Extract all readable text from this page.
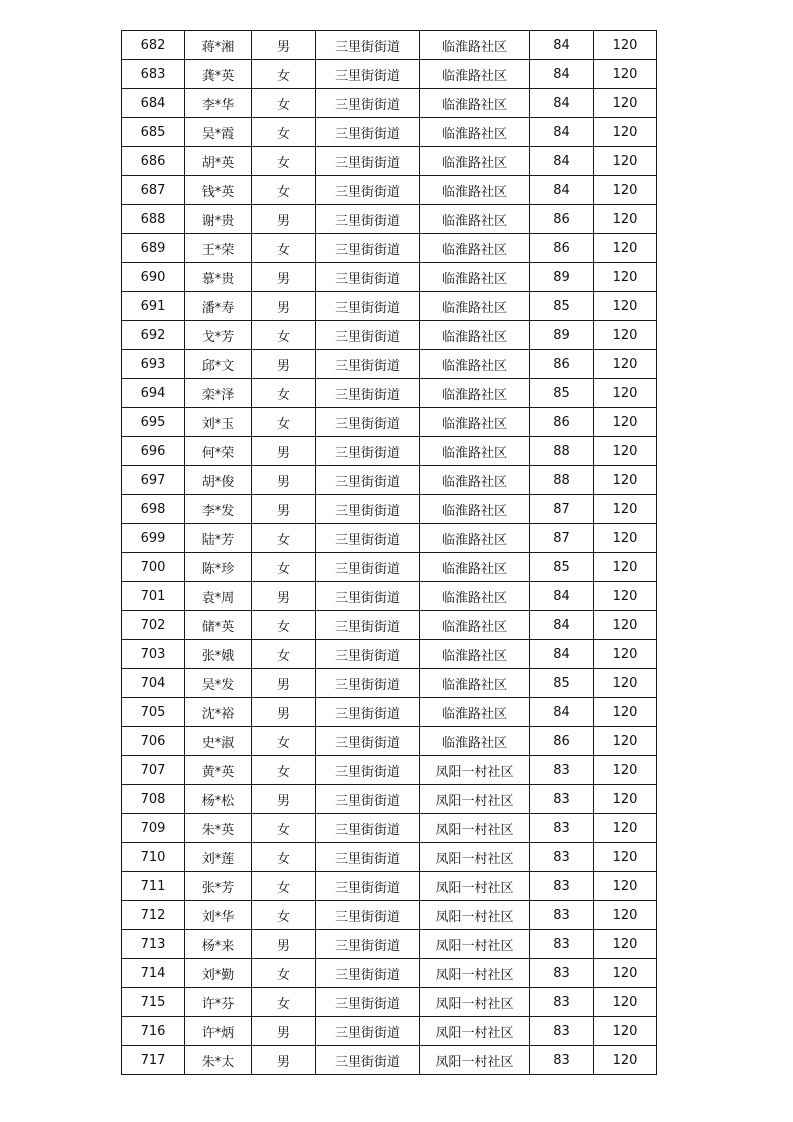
682	蒋*湘	男	三里街街道	临淮路社区	84	120
683	龚*英	女	三里街街道	临淮路社区	84	120
684	李*华	女	三里街街道	临淮路社区	84	120
685	吴*霞	女	三里街街道	临淮路社区	84	120
686	胡*英	女	三里街街道	临淮路社区	84	120
687	钱*英	女	三里街街道	临淮路社区	84	120
688	谢*贵	男	三里街街道	临淮路社区	86	120
689	王*荣	女	三里街街道	临淮路社区	86	120
690	慕*贵	男	三里街街道	临淮路社区	89	120
691	潘*寿	男	三里街街道	临淮路社区	85	120
692	戈*芳	女	三里街街道	临淮路社区	89	120
693	邱*文	男	三里街街道	临淮路社区	86	120
694	栾*泽	女	三里街街道	临淮路社区	85	120
695	刘*玉	女	三里街街道	临淮路社区	86	120
696	何*荣	男	三里街街道	临淮路社区	88	120
697	胡*俊	男	三里街街道	临淮路社区	88	120
698	李*发	男	三里街街道	临淮路社区	87	120
699	陆*芳	女	三里街街道	临淮路社区	87	120
700	陈*珍	女	三里街街道	临淮路社区	85	120
701	袁*周	男	三里街街道	临淮路社区	84	120
702	储*英	女	三里街街道	临淮路社区	84	120
703	张*娥	女	三里街街道	临淮路社区	84	120
704	吴*发	男	三里街街道	临淮路社区	85	120
705	沈*裕	男	三里街街道	临淮路社区	84	120
706	史*淑	女	三里街街道	临淮路社区	86	120
707	黄*英	女	三里街街道	凤阳一村社区	83	120
708	杨*松	男	三里街街道	凤阳一村社区	83	120
709	朱*英	女	三里街街道	凤阳一村社区	83	120
710	刘*莲	女	三里街街道	凤阳一村社区	83	120
711	张*芳	女	三里街街道	凤阳一村社区	83	120
712	刘*华	女	三里街街道	凤阳一村社区	83	120
713	杨*来	男	三里街街道	凤阳一村社区	83	120
714	刘*勤	女	三里街街道	凤阳一村社区	83	120
715	许*芬	女	三里街街道	凤阳一村社区	83	120
716	许*炳	男	三里街街道	凤阳一村社区	83	120
717	朱*太	男	三里街街道	凤阳一村社区	83	120
